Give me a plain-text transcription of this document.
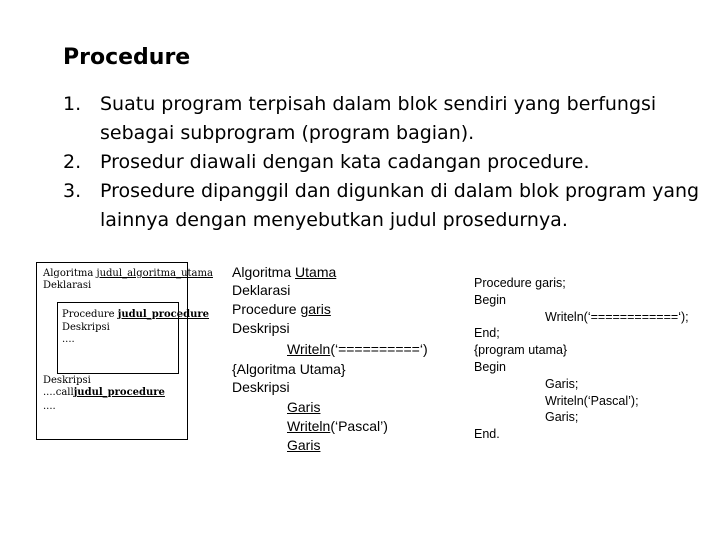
Procedure
1. Suatu program terpisah dalam blok sendiri yang berfungsi
sebagai subprogram (program bagian).
2. Prosedur diawali dengan kata cadangan procedure.
3. Prosedure dipanggil dan digunkan di dalam blok program yang
lainnya dengan menyebutkan judul prosedurnya.
Algoritma judul_algoritma_utama
Deklarasi
Procedure judul_procedure
Deskripsi
....
Deskripsi
....calljudul_procedure
....
Algoritma Utama
Deklarasi
Procedure garis
Deskripsi
Writeln(‘==========‘)
{Algoritma Utama}
Deskripsi
Garis
Writeln(‘Pascal’)
Garis
Procedure garis;
Begin
Writeln(‘============‘);
End;
{program utama}
Begin
Garis;
Writeln(‘Pascal’);
Garis;
End.
